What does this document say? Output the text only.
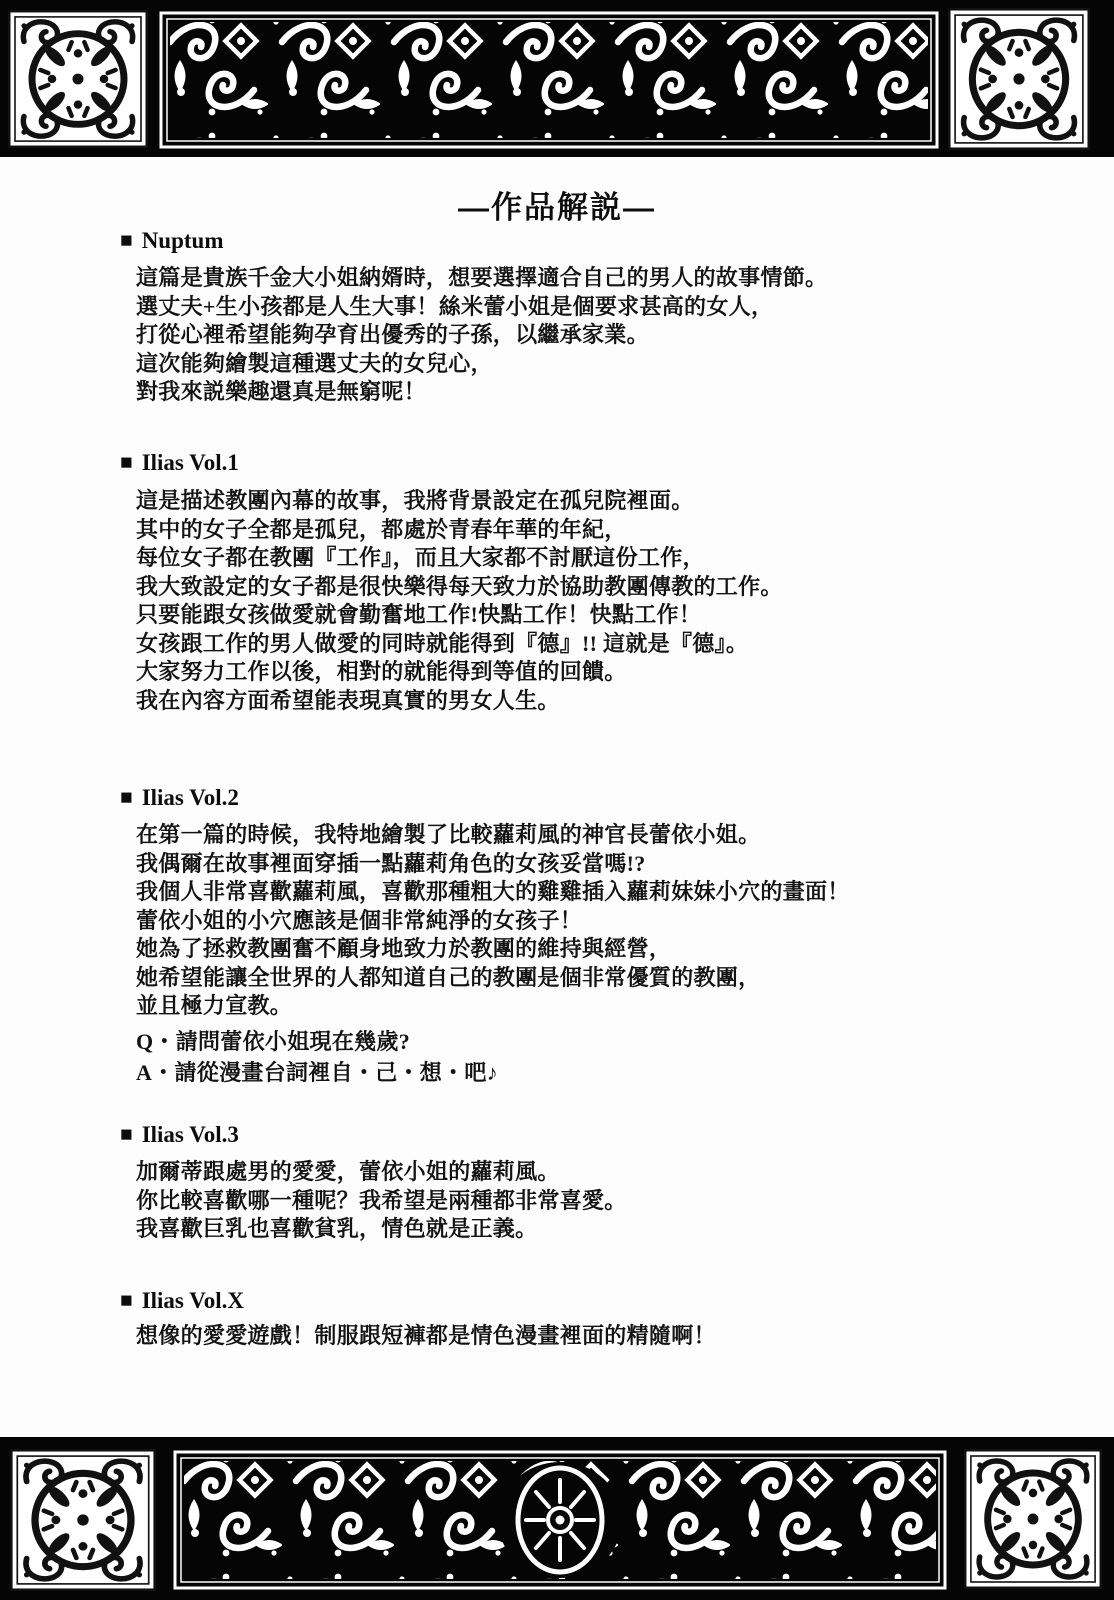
―作品解説―
■ Nuptum
這篇是貴族千金大小姐納婿時，想要選擇適合自己的男人的故事情節。
選丈夫+生小孩都是人生大事！絲米蕾小姐是個要求甚高的女人，
打從心裡希望能夠孕育出優秀的子孫，以繼承家業。
這次能夠繪製這種選丈夫的女兒心，
對我來説樂趣還真是無窮呢！
■ Ilias Vol.1
這是描述教團內幕的故事，我將背景設定在孤兒院裡面。
其中的女子全都是孤兒，都處於青春年華的年紀，
每位女子都在教團『工作』，而且大家都不討厭這份工作，
我大致設定的女子都是很快樂得每天致力於協助教團傳教的工作。
只要能跟女孩做愛就會勤奮地工作!快點工作！快點工作！
女孩跟工作的男人做愛的同時就能得到『德』!! 這就是『德』。
大家努力工作以後，相對的就能得到等值的回饋。
我在內容方面希望能表現真實的男女人生。
■ Ilias Vol.2
在第一篇的時候，我特地繪製了比較蘿莉風的神官長蕾依小姐。
我偶爾在故事裡面穿插一點蘿莉角色的女孩妥當嗎!?
我個人非常喜歡蘿莉風，喜歡那種粗大的雞雞插入蘿莉妹妹小穴的畫面！
蕾依小姐的小穴應該是個非常純淨的女孩子！
她為了拯救教團奮不顧身地致力於教團的維持與經營，
她希望能讓全世界的人都知道自己的教團是個非常優質的教團，
並且極力宣教。
Q・請問蕾依小姐現在幾歲?
A・請從漫畫台詞裡自・己・想・吧♪
■ Ilias Vol.3
加爾蒂跟處男的愛愛，蕾依小姐的蘿莉風。
你比較喜歡哪一種呢？我希望是兩種都非常喜愛。
我喜歡巨乳也喜歡貧乳，情色就是正義。
■ Ilias Vol.X
想像的愛愛遊戲！制服跟短褲都是情色漫畫裡面的精隨啊！
